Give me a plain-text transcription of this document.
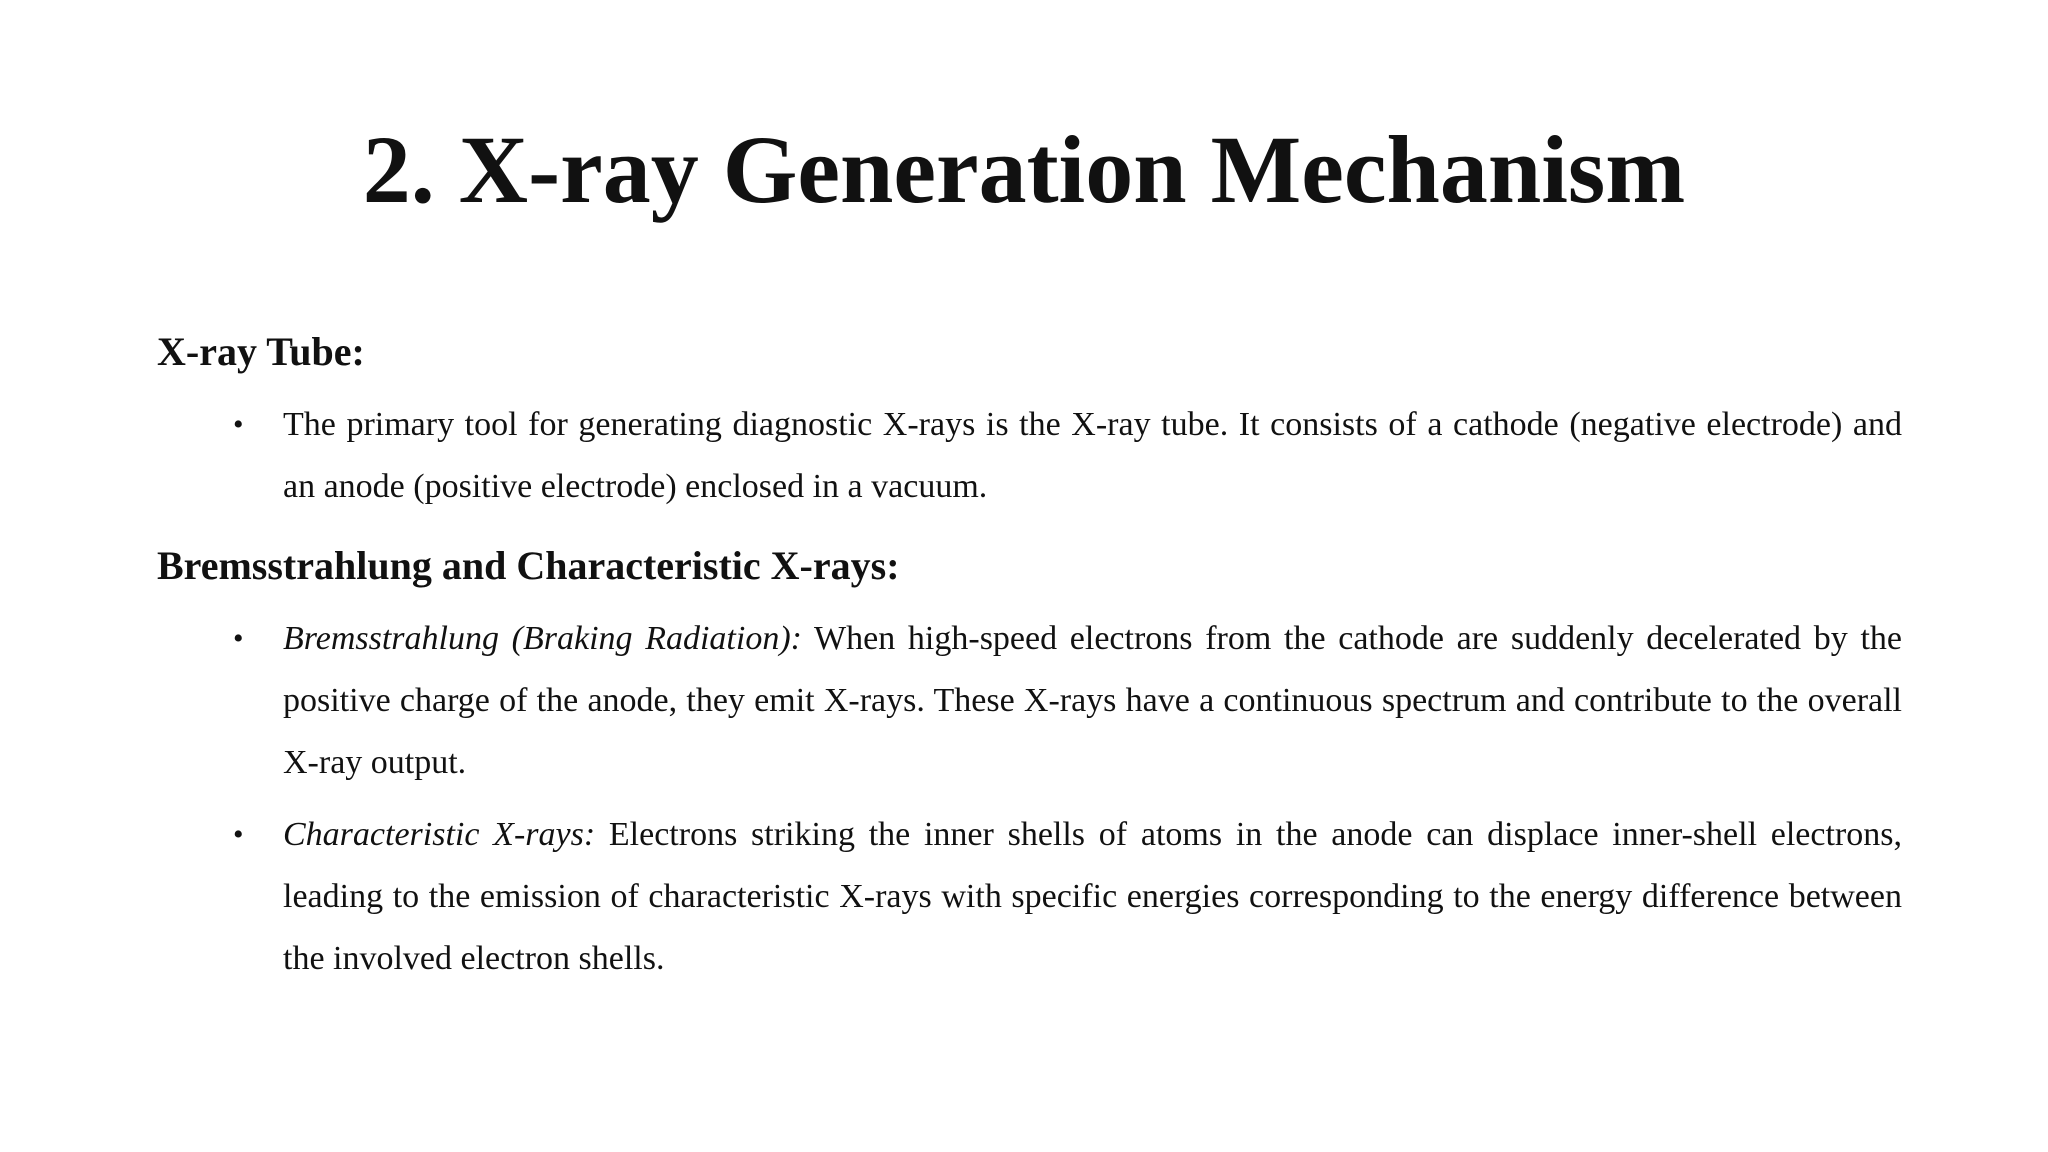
2. X-ray Generation Mechanism
X-ray Tube:
• The primary tool for generating diagnostic X-rays is the X-ray tube. It consists of a cathode (negative electrode) and an anode (positive electrode) enclosed in a vacuum.
Bremsstrahlung and Characteristic X-rays:
• Bremsstrahlung (Braking Radiation): When high-speed electrons from the cathode are suddenly decelerated by the positive charge of the anode, they emit X-rays. These X-rays have a continuous spectrum and contribute to the overall X-ray output.
• Characteristic X-rays: Electrons striking the inner shells of atoms in the anode can displace inner-shell electrons, leading to the emission of characteristic X-rays with specific energies corresponding to the energy difference between the involved electron shells.
